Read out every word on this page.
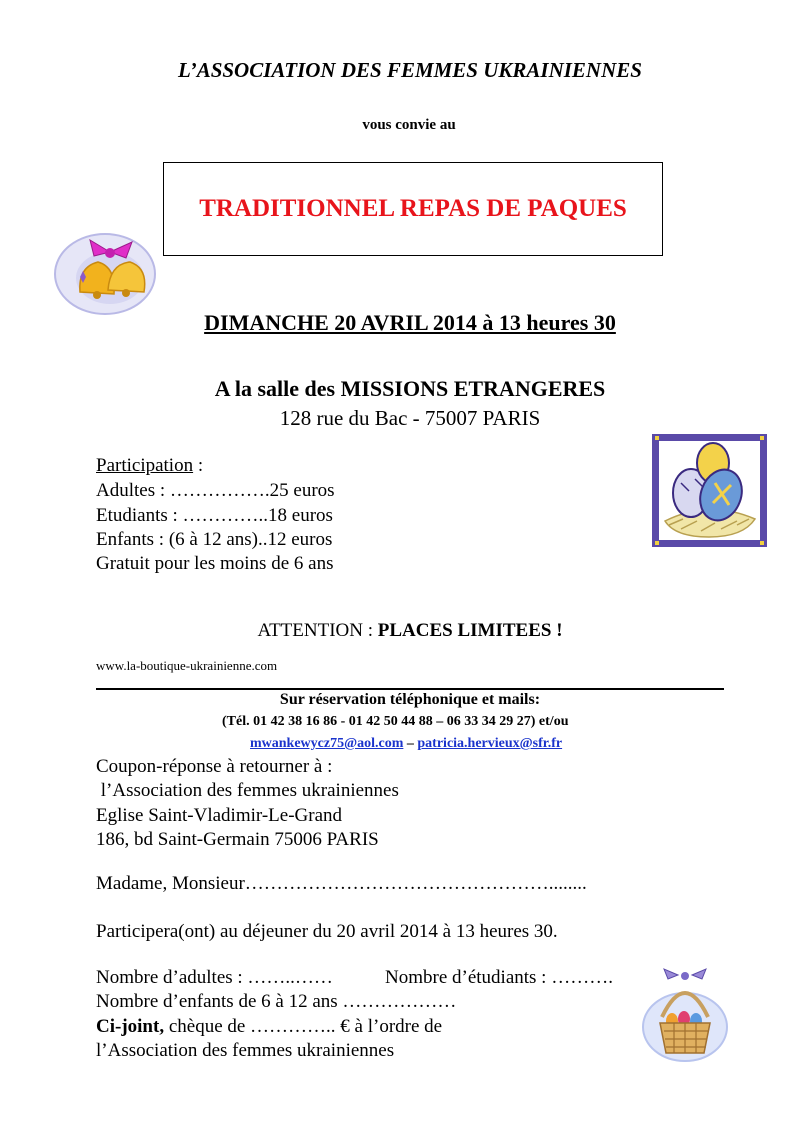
L’ASSOCIATION DES FEMMES UKRAINIENNES
vous convie au
TRADITIONNEL REPAS DE PAQUES
DIMANCHE 20 AVRIL 2014 à 13 heures 30
A la salle des MISSIONS ETRANGERES
128 rue du Bac - 75007 PARIS
Participation :
Adultes : …………….25 euros
Etudiants : …………..18 euros
Enfants : (6 à 12 ans)..12 euros
Gratuit pour les moins de 6 ans
ATTENTION : PLACES LIMITEES !
www.la-boutique-ukrainienne.com
Sur réservation téléphonique et mails:
(Tél. 01 42 38 16 86 - 01 42 50 44 88 – 06 33 34 29 27) et/ou
mwankewycz75@aol.com – patricia.hervieux@sfr.fr
Coupon-réponse à retourner à :
l’Association des femmes ukrainiennes
Eglise Saint-Vladimir-Le-Grand
186, bd Saint-Germain 75006 PARIS
Madame, Monsieur…………………………………………........
Participera(ont) au déjeuner du 20 avril 2014 à 13 heures 30.
Nombre d’adultes : ……..……	Nombre d’étudiants : ……….
Nombre d’enfants de 6 à 12 ans ………………
Ci-joint, chèque de ………….. € à l’ordre de
l’Association des femmes ukrainiennes
